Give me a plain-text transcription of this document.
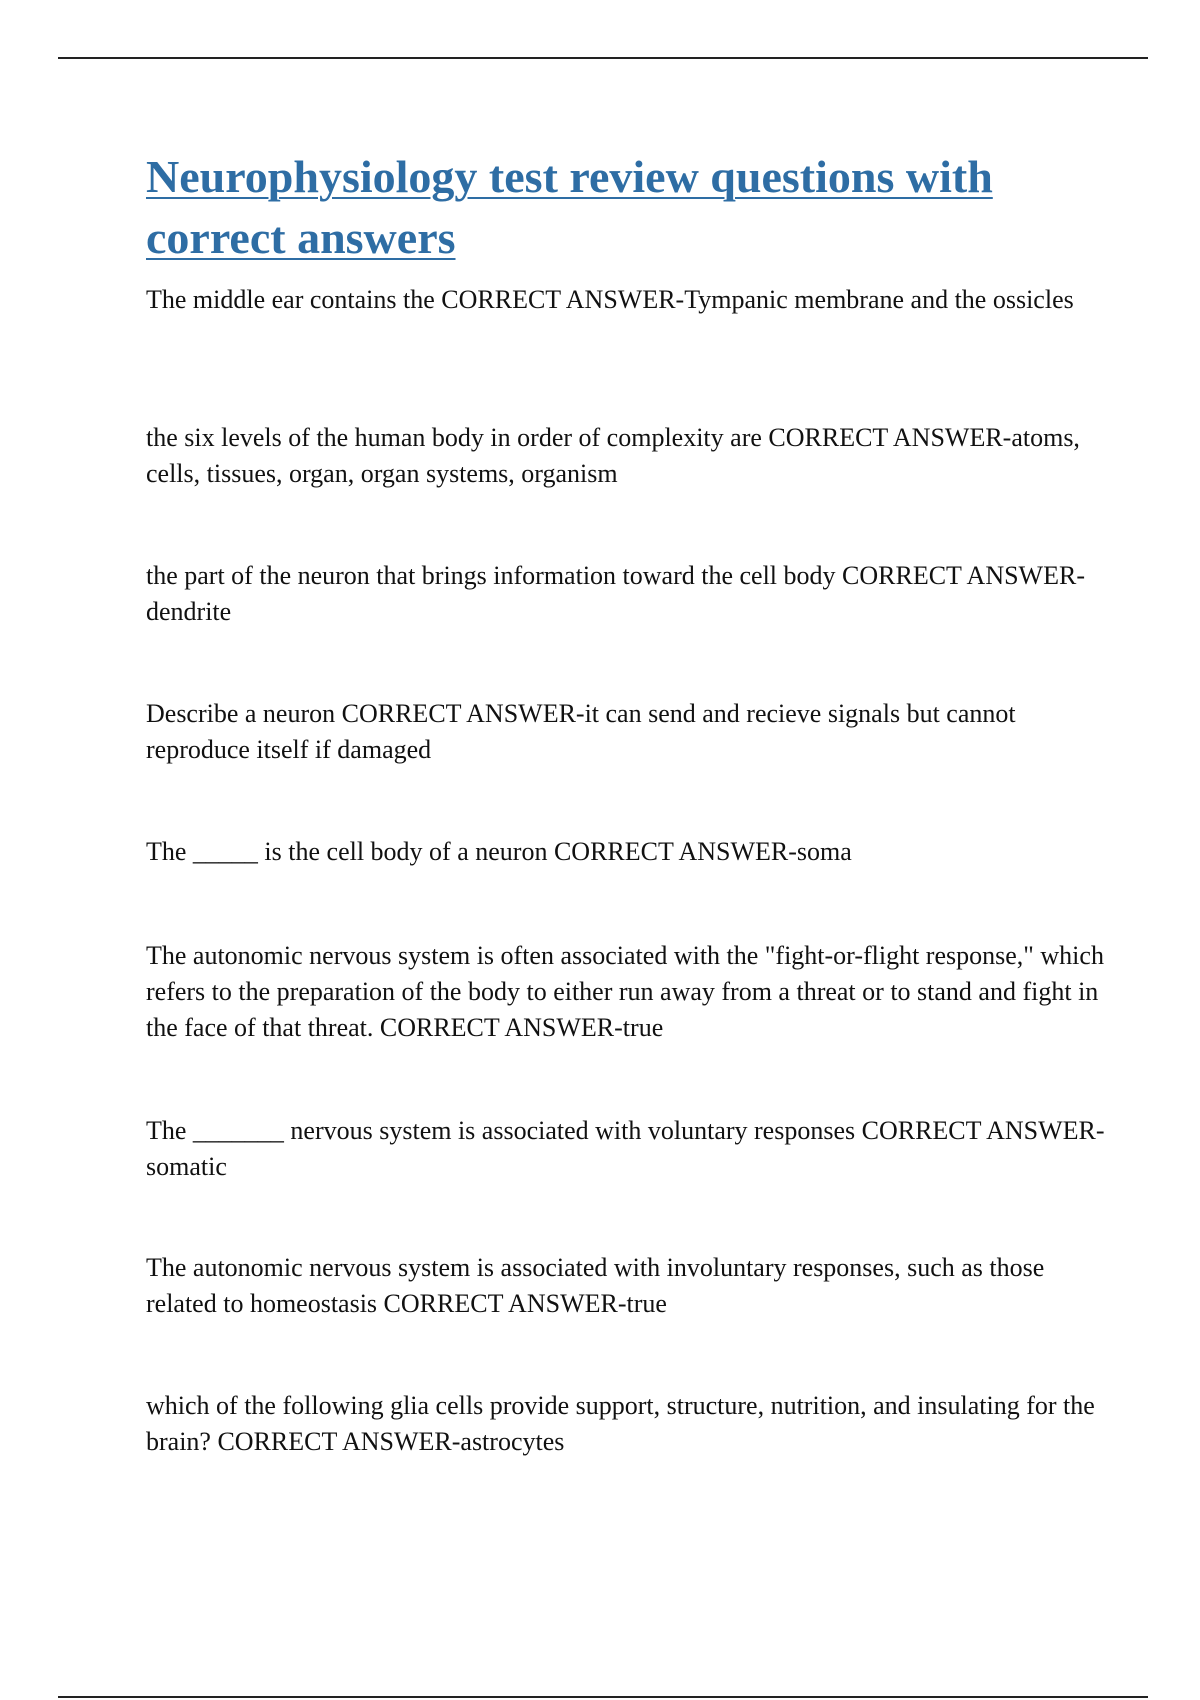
Neurophysiology test review questions with correct answers

The middle ear contains the CORRECT ANSWER-Tympanic membrane and the ossicles

the six levels of the human body in order of complexity are CORRECT ANSWER-atoms, cells, tissues, organ, organ systems, organism

the part of the neuron that brings information toward the cell body CORRECT ANSWER-dendrite

Describe a neuron CORRECT ANSWER-it can send and recieve signals but cannot reproduce itself if damaged

The _____ is the cell body of a neuron CORRECT ANSWER-soma

The autonomic nervous system is often associated with the "fight-or-flight response," which refers to the preparation of the body to either run away from a threat or to stand and fight in the face of that threat. CORRECT ANSWER-true

The _______ nervous system is associated with voluntary responses CORRECT ANSWER-somatic

The autonomic nervous system is associated with involuntary responses, such as those related to homeostasis CORRECT ANSWER-true

which of the following glia cells provide support, structure, nutrition, and insulating for the brain? CORRECT ANSWER-astrocytes
